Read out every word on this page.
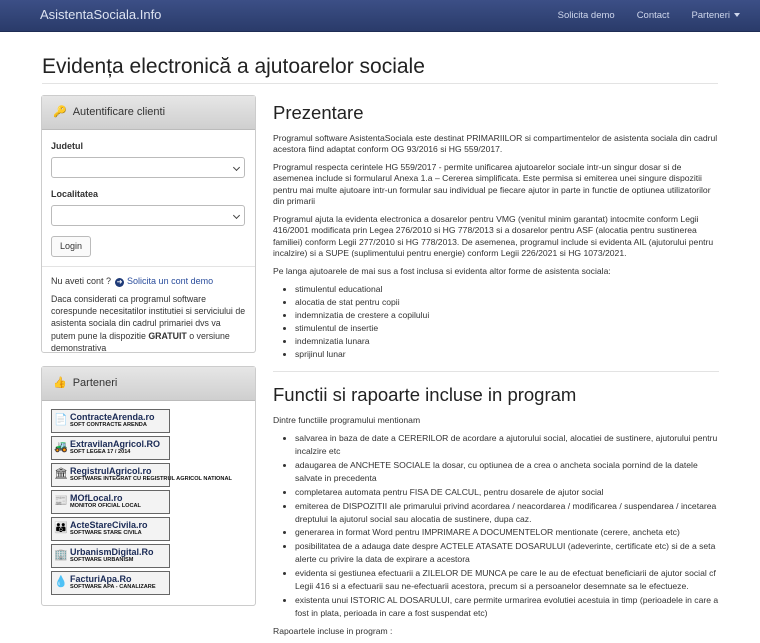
AsistentaSociala.Info	Solicita demo Contact Parteneri
Evidența electronică a ajutoarelor sociale
🔑 Autentificare clienti
Judetul
Localitatea
Login
Nu aveti cont ? ➜ Solicita un cont demo
Daca considerati ca programul software corespunde necesitatilor institutiei si serviciului de asistenta sociala din cadrul primariei dvs va putem pune la dispozitie GRATUIT o versiune demonstrativa
👍 Parteneri
📄 ContracteArenda.ro
SOFT CONTRACTE ARENDA
🚜 ExtravilanAgricol.RO
SOFT LEGEA 17 / 2014
🏛 RegistrulAgricol.ro
SOFTWARE INTEGRAT CU REGISTRUL AGRICOL NATIONAL
📰 MOfLocal.ro
MONITOR OFICIAL LOCAL
👪 ActeStareCivila.ro
SOFTWARE STARE CIVILA
🏢 UrbanismDigital.Ro
SOFTWARE URBANISM
💧 FacturiApa.Ro
SOFTWARE APA - CANALIZARE
Prezentare

Programul software AsistentaSociala este destinat PRIMARIILOR si compartimentelor de asistenta sociala din cadrul acestora fiind adaptat conform OG 93/2016 si HG 559/2017.

Programul respecta cerintele HG 559/2017 - permite unificarea ajutoarelor sociale intr-un singur dosar si de asemenea include si formularul Anexa 1.a – Cererea simplificata. Este permisa si emiterea unei singure dispozitii pentru mai multe ajutoare intr-un formular sau individual pe fiecare ajutor in parte in functie de optiunea utilizatorilor din primarii

Programul ajuta la evidenta electronica a dosarelor pentru VMG (venitul minim garantat) intocmite conform Legii 416/2001 modificata prin Legea 276/2010 si HG 778/2013 si a dosarelor pentru ASF (alocatia pentru sustinerea familiei) conform Legii 277/2010 si HG 778/2013. De asemenea, programul include si evidenta AIL (ajutorului pentru incalzire) si a SUPE (suplimentului pentru energie) conform Legii 226/2021 si HG 1073/2021.

Pe langa ajutoarele de mai sus a fost inclusa si evidenta altor forme de asistenta sociala:

• stimulentul educational
• alocatia de stat pentru copii
• indemnizatia de crestere a copilului
• stimulentul de insertie
• indemnizatia lunara
• sprijinul lunar
Functii si rapoarte incluse in program

Dintre functiile programului mentionam

• salvarea in baza de date a CERERILOR de acordare a ajutorului social, alocatiei de sustinere, ajutorului pentru incalzire etc
• adaugarea de ANCHETE SOCIALE la dosar, cu optiunea de a crea o ancheta sociala pornind de la datele salvate in precedenta
• completarea automata pentru FISA DE CALCUL, pentru dosarele de ajutor social
• emiterea de DISPOZITII ale primarului privind acordarea / neacordarea / modificarea / suspendarea / incetarea dreptului la ajutorul social sau alocatia de sustinere, dupa caz.
• generarea in format Word pentru IMPRIMARE A DOCUMENTELOR mentionate (cerere, ancheta etc)
• posibilitatea de a adauga date despre ACTELE ATASATE DOSARULUI (adeverinte, certificate etc) si de a seta alerte cu privire la data de expirare a acestora
• evidenta si gestiunea efectuarii a ZILELOR DE MUNCA pe care le au de efectuat beneficiarii de ajutor social cf Legii 416 si a efectuarii sau ne-efectuarii acestora, precum si a persoanelor desemnate sa le efectueze.
• existenta unui ISTORIC AL DOSARULUI, care permite urmarirea evolutiei acestuia in timp (perioadele in care a fost in plata, perioada in care a fost suspendat etc)

Rapoartele incluse in program :
